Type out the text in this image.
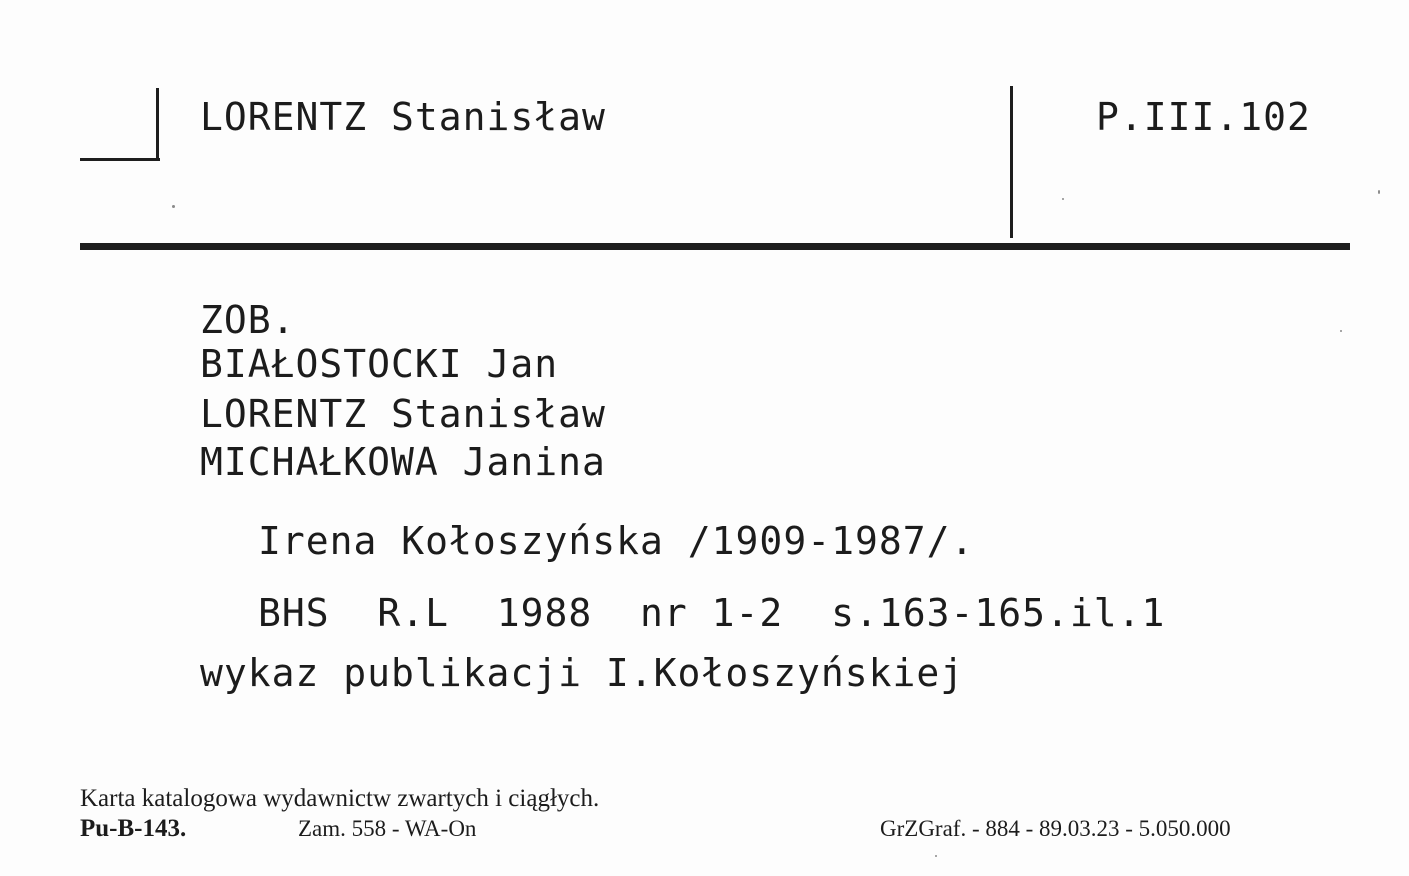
LORENTZ Stanisław	P.III.102
ZOB.
BIAŁOSTOCKI Jan
LORENTZ Stanisław
MICHAŁKOWA Janina
Irena Kołoszyńska /1909-1987/.
BHS  R.L  1988  nr 1-2  s.163-165.il.1
wykaz publikacji I.Kołoszyńskiej
Karta katalogowa wydawnictw zwartych i ciągłych.
Pu-B-143.	Zam. 558 - WA-On	GrZGraf. - 884 - 89.03.23 - 5.050.000
